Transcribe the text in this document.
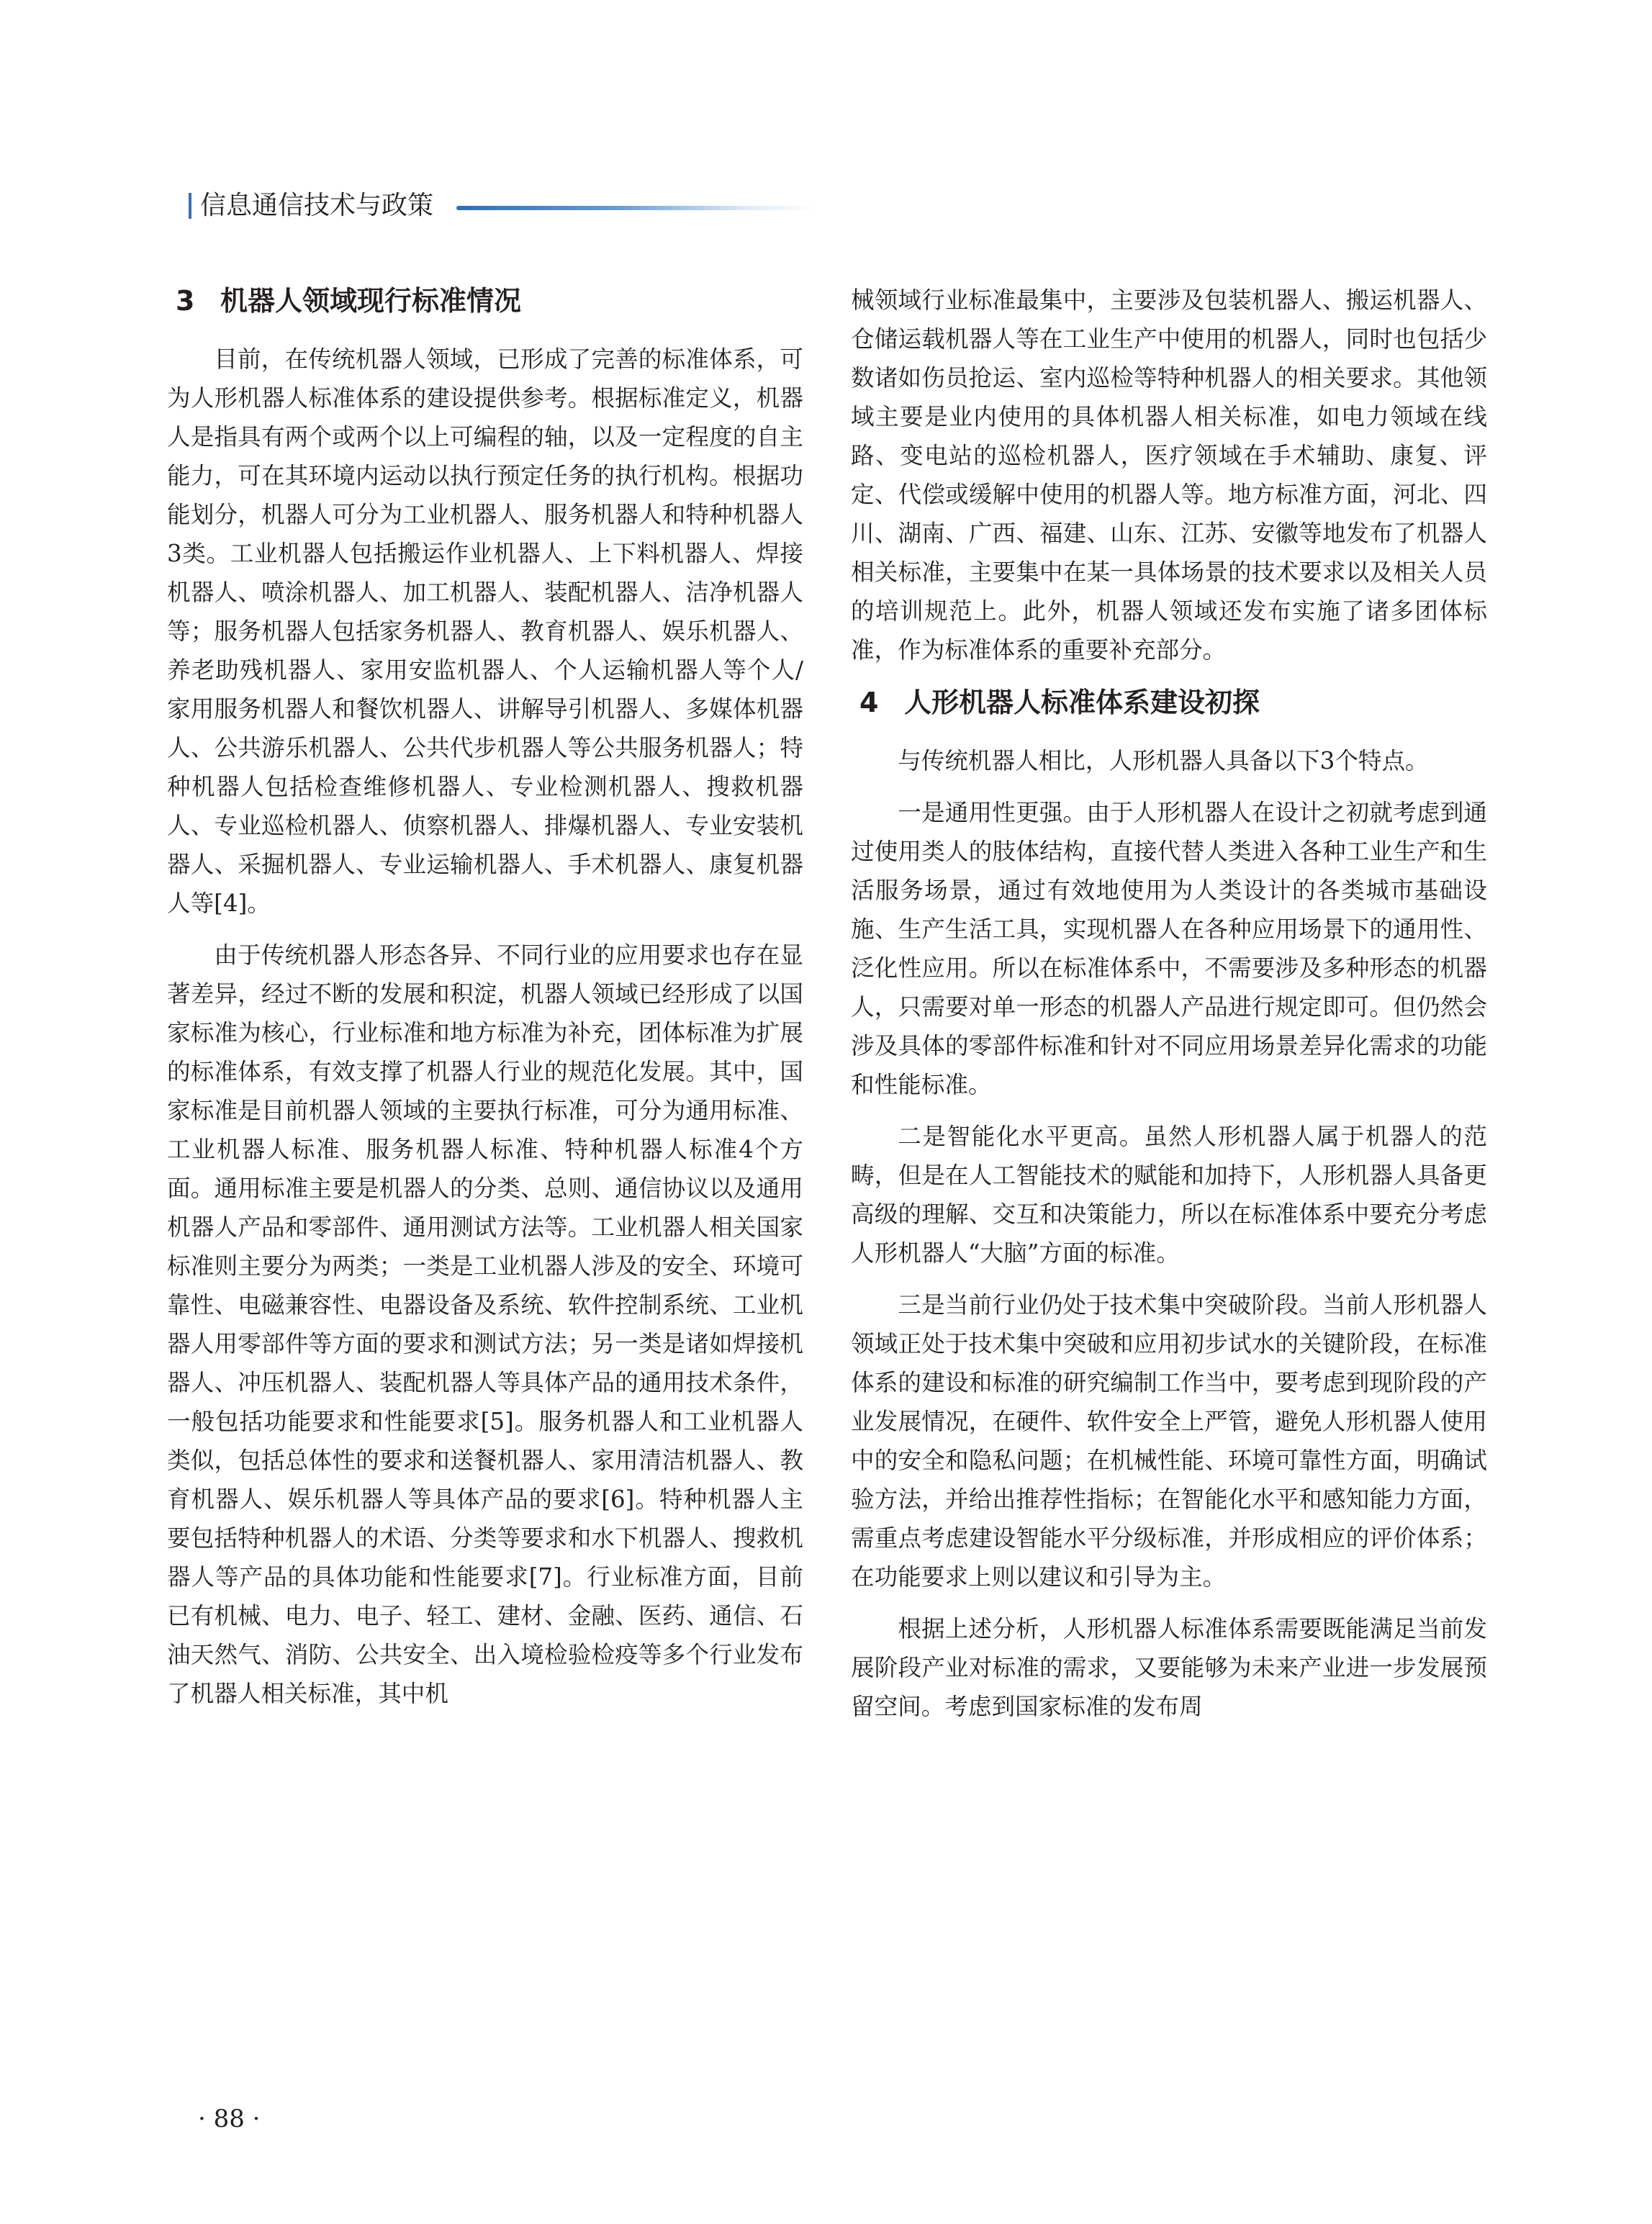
信息通信技术与政策
3 机器人领域现行标准情况

目前，在传统机器人领域，已形成了完善的标准体系，可为人形机器人标准体系的建设提供参考。根据标准定义，机器人是指具有两个或两个以上可编程的轴，以及一定程度的自主能力，可在其环境内运动以执行预定任务的执行机构。根据功能划分，机器人可分为工业机器人、服务机器人和特种机器人3类。工业机器人包括搬运作业机器人、上下料机器人、焊接机器人、喷涂机器人、加工机器人、装配机器人、洁净机器人等；服务机器人包括家务机器人、教育机器人、娱乐机器人、养老助残机器人、家用安监机器人、个人运输机器人等个人/家用服务机器人和餐饮机器人、讲解导引机器人、多媒体机器人、公共游乐机器人、公共代步机器人等公共服务机器人；特种机器人包括检查维修机器人、专业检测机器人、搜救机器人、专业巡检机器人、侦察机器人、排爆机器人、专业安装机器人、采掘机器人、专业运输机器人、手术机器人、康复机器人等[4]。

由于传统机器人形态各异、不同行业的应用要求也存在显著差异，经过不断的发展和积淀，机器人领域已经形成了以国家标准为核心，行业标准和地方标准为补充，团体标准为扩展的标准体系，有效支撑了机器人行业的规范化发展。其中，国家标准是目前机器人领域的主要执行标准，可分为通用标准、工业机器人标准、服务机器人标准、特种机器人标准4个方面。通用标准主要是机器人的分类、总则、通信协议以及通用机器人产品和零部件、通用测试方法等。工业机器人相关国家标准则主要分为两类；一类是工业机器人涉及的安全、环境可靠性、电磁兼容性、电器设备及系统、软件控制系统、工业机器人用零部件等方面的要求和测试方法；另一类是诸如焊接机器人、冲压机器人、装配机器人等具体产品的通用技术条件，一般包括功能要求和性能要求[5]。服务机器人和工业机器人类似，包括总体性的要求和送餐机器人、家用清洁机器人、教育机器人、娱乐机器人等具体产品的要求[6]。特种机器人主要包括特种机器人的术语、分类等要求和水下机器人、搜救机器人等产品的具体功能和性能要求[7]。行业标准方面，目前已有机械、电力、电子、轻工、建材、金融、医药、通信、石油天然气、消防、公共安全、出入境检验检疫等多个行业发布了机器人相关标准，其中机

械领域行业标准最集中，主要涉及包装机器人、搬运机器人、仓储运载机器人等在工业生产中使用的机器人，同时也包括少数诸如伤员抢运、室内巡检等特种机器人的相关要求。其他领域主要是业内使用的具体机器人相关标准，如电力领域在线路、变电站的巡检机器人，医疗领域在手术辅助、康复、评定、代偿或缓解中使用的机器人等。地方标准方面，河北、四川、湖南、广西、福建、山东、江苏、安徽等地发布了机器人相关标准，主要集中在某一具体场景的技术要求以及相关人员的培训规范上。此外，机器人领域还发布实施了诸多团体标准，作为标准体系的重要补充部分。

4 人形机器人标准体系建设初探

与传统机器人相比，人形机器人具备以下3个特点。

一是通用性更强。由于人形机器人在设计之初就考虑到通过使用类人的肢体结构，直接代替人类进入各种工业生产和生活服务场景，通过有效地使用为人类设计的各类城市基础设施、生产生活工具，实现机器人在各种应用场景下的通用性、泛化性应用。所以在标准体系中，不需要涉及多种形态的机器人，只需要对单一形态的机器人产品进行规定即可。但仍然会涉及具体的零部件标准和针对不同应用场景差异化需求的功能和性能标准。

二是智能化水平更高。虽然人形机器人属于机器人的范畴，但是在人工智能技术的赋能和加持下，人形机器人具备更高级的理解、交互和决策能力，所以在标准体系中要充分考虑人形机器人“大脑”方面的标准。

三是当前行业仍处于技术集中突破阶段。当前人形机器人领域正处于技术集中突破和应用初步试水的关键阶段，在标准体系的建设和标准的研究编制工作当中，要考虑到现阶段的产业发展情况，在硬件、软件安全上严管，避免人形机器人使用中的安全和隐私问题；在机械性能、环境可靠性方面，明确试验方法，并给出推荐性指标；在智能化水平和感知能力方面，需重点考虑建设智能水平分级标准，并形成相应的评价体系；在功能要求上则以建议和引导为主。

根据上述分析，人形机器人标准体系需要既能满足当前发展阶段产业对标准的需求，又要能够为未来产业进一步发展预留空间。考虑到国家标准的发布周

· 88 ·
